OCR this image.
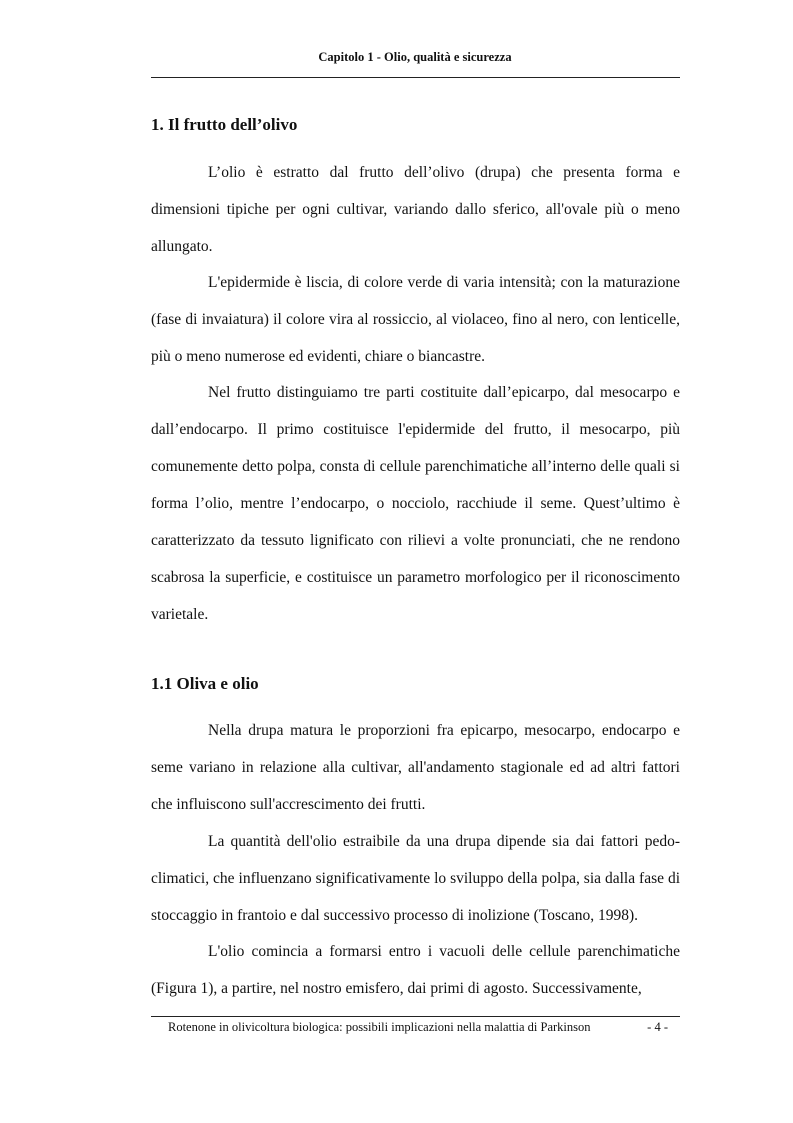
Capitolo 1 - Olio, qualità e sicurezza
1. Il frutto dell’olivo

L’olio è estratto dal frutto dell’olivo (drupa) che presenta forma e dimensioni tipiche per ogni cultivar, variando dallo sferico, all'ovale più o meno allungato.

L'epidermide è liscia, di colore verde di varia intensità; con la maturazione (fase di invaiatura) il colore vira al rossiccio, al violaceo, fino al nero, con lenticelle, più o meno numerose ed evidenti, chiare o biancastre.

Nel frutto distinguiamo tre parti costituite dall’epicarpo, dal mesocarpo e dall’endocarpo. Il primo costituisce l'epidermide del frutto, il mesocarpo, più comunemente detto polpa, consta di cellule parenchimatiche all’interno delle quali si forma l’olio, mentre l’endocarpo, o nocciolo, racchiude il seme. Quest’ultimo è caratterizzato da tessuto lignificato con rilievi a volte pronunciati, che ne rendono scabrosa la superficie, e costituisce un parametro morfologico per il riconoscimento varietale.

1.1 Oliva e olio

Nella drupa matura le proporzioni fra epicarpo, mesocarpo, endocarpo e seme variano in relazione alla cultivar, all'andamento stagionale ed ad altri fattori che influiscono sull'accrescimento dei frutti.

La quantità dell'olio estraibile da una drupa dipende sia dai fattori pedo-climatici, che influenzano significativamente lo sviluppo della polpa, sia dalla fase di stoccaggio in frantoio e dal successivo processo di inolizione (Toscano, 1998).

L'olio comincia a formarsi entro i vacuoli delle cellule parenchimatiche (Figura 1), a partire, nel nostro emisfero, dai primi di agosto. Successivamente,

Rotenone in olivicoltura biologica: possibili implicazioni nella malattia di Parkinson	- 4 -
